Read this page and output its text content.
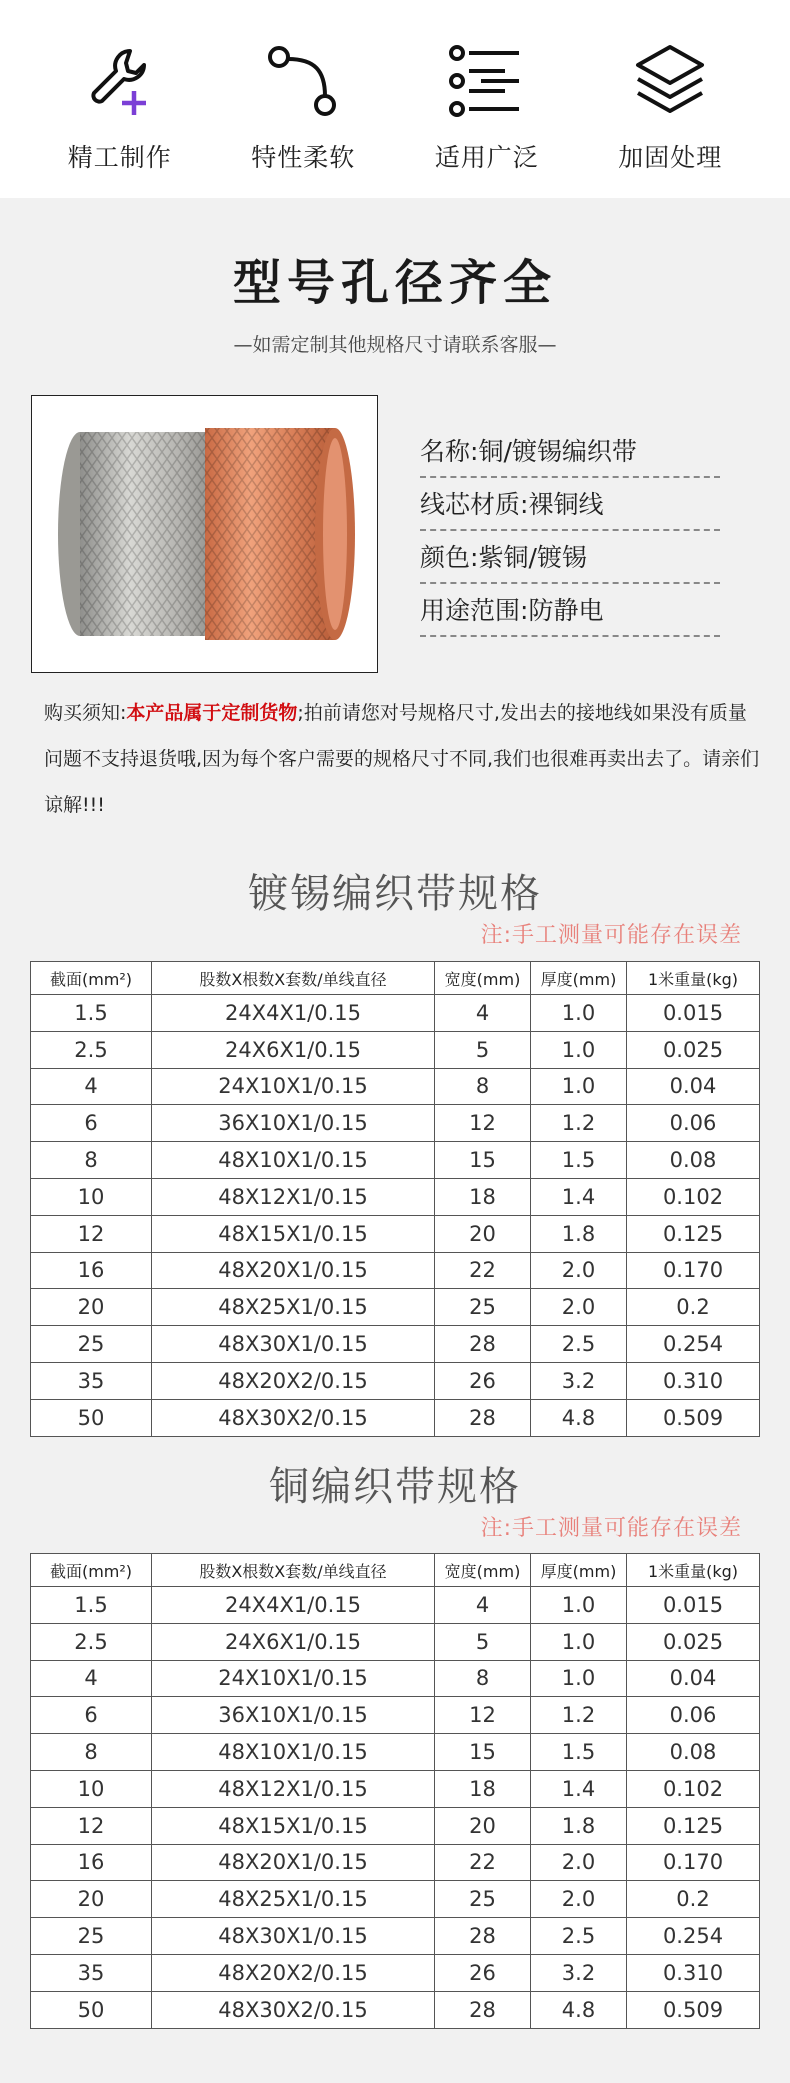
精工制作	特性柔软	适用广泛	加固处理
型号孔径齐全
—如需定制其他规格尺寸请联系客服—
名称: 铜/镀锡编织带
线芯材质: 裸铜线
颜色: 紫铜/镀锡
用途范围: 防静电
购买须知:本产品属于定制货物;拍前请您对号规格尺寸,发出去的接地线如果没有质量问题不支持退货哦,因为每个客户需要的规格尺寸不同,我们也很难再卖出去了。请亲们谅解!!!
镀锡编织带规格
注:手工测量可能存在误差
截面(mm²)	股数X根数X套数/单线直径	宽度(mm)	厚度(mm)	1米重量(kg)
1.5	24X4X1/0.15	4	1.0	0.015
2.5	24X6X1/0.15	5	1.0	0.025
4	24X10X1/0.15	8	1.0	0.04
6	36X10X1/0.15	12	1.2	0.06
8	48X10X1/0.15	15	1.5	0.08
10	48X12X1/0.15	18	1.4	0.102
12	48X15X1/0.15	20	1.8	0.125
16	48X20X1/0.15	22	2.0	0.170
20	48X25X1/0.15	25	2.0	0.2
25	48X30X1/0.15	28	2.5	0.254
35	48X20X2/0.15	26	3.2	0.310
50	48X30X2/0.15	28	4.8	0.509
铜编织带规格
注:手工测量可能存在误差
截面(mm²)	股数X根数X套数/单线直径	宽度(mm)	厚度(mm)	1米重量(kg)
1.5	24X4X1/0.15	4	1.0	0.015
2.5	24X6X1/0.15	5	1.0	0.025
4	24X10X1/0.15	8	1.0	0.04
6	36X10X1/0.15	12	1.2	0.06
8	48X10X1/0.15	15	1.5	0.08
10	48X12X1/0.15	18	1.4	0.102
12	48X15X1/0.15	20	1.8	0.125
16	48X20X1/0.15	22	2.0	0.170
20	48X25X1/0.15	25	2.0	0.2
25	48X30X1/0.15	28	2.5	0.254
35	48X20X2/0.15	26	3.2	0.310
50	48X30X2/0.15	28	4.8	0.509
